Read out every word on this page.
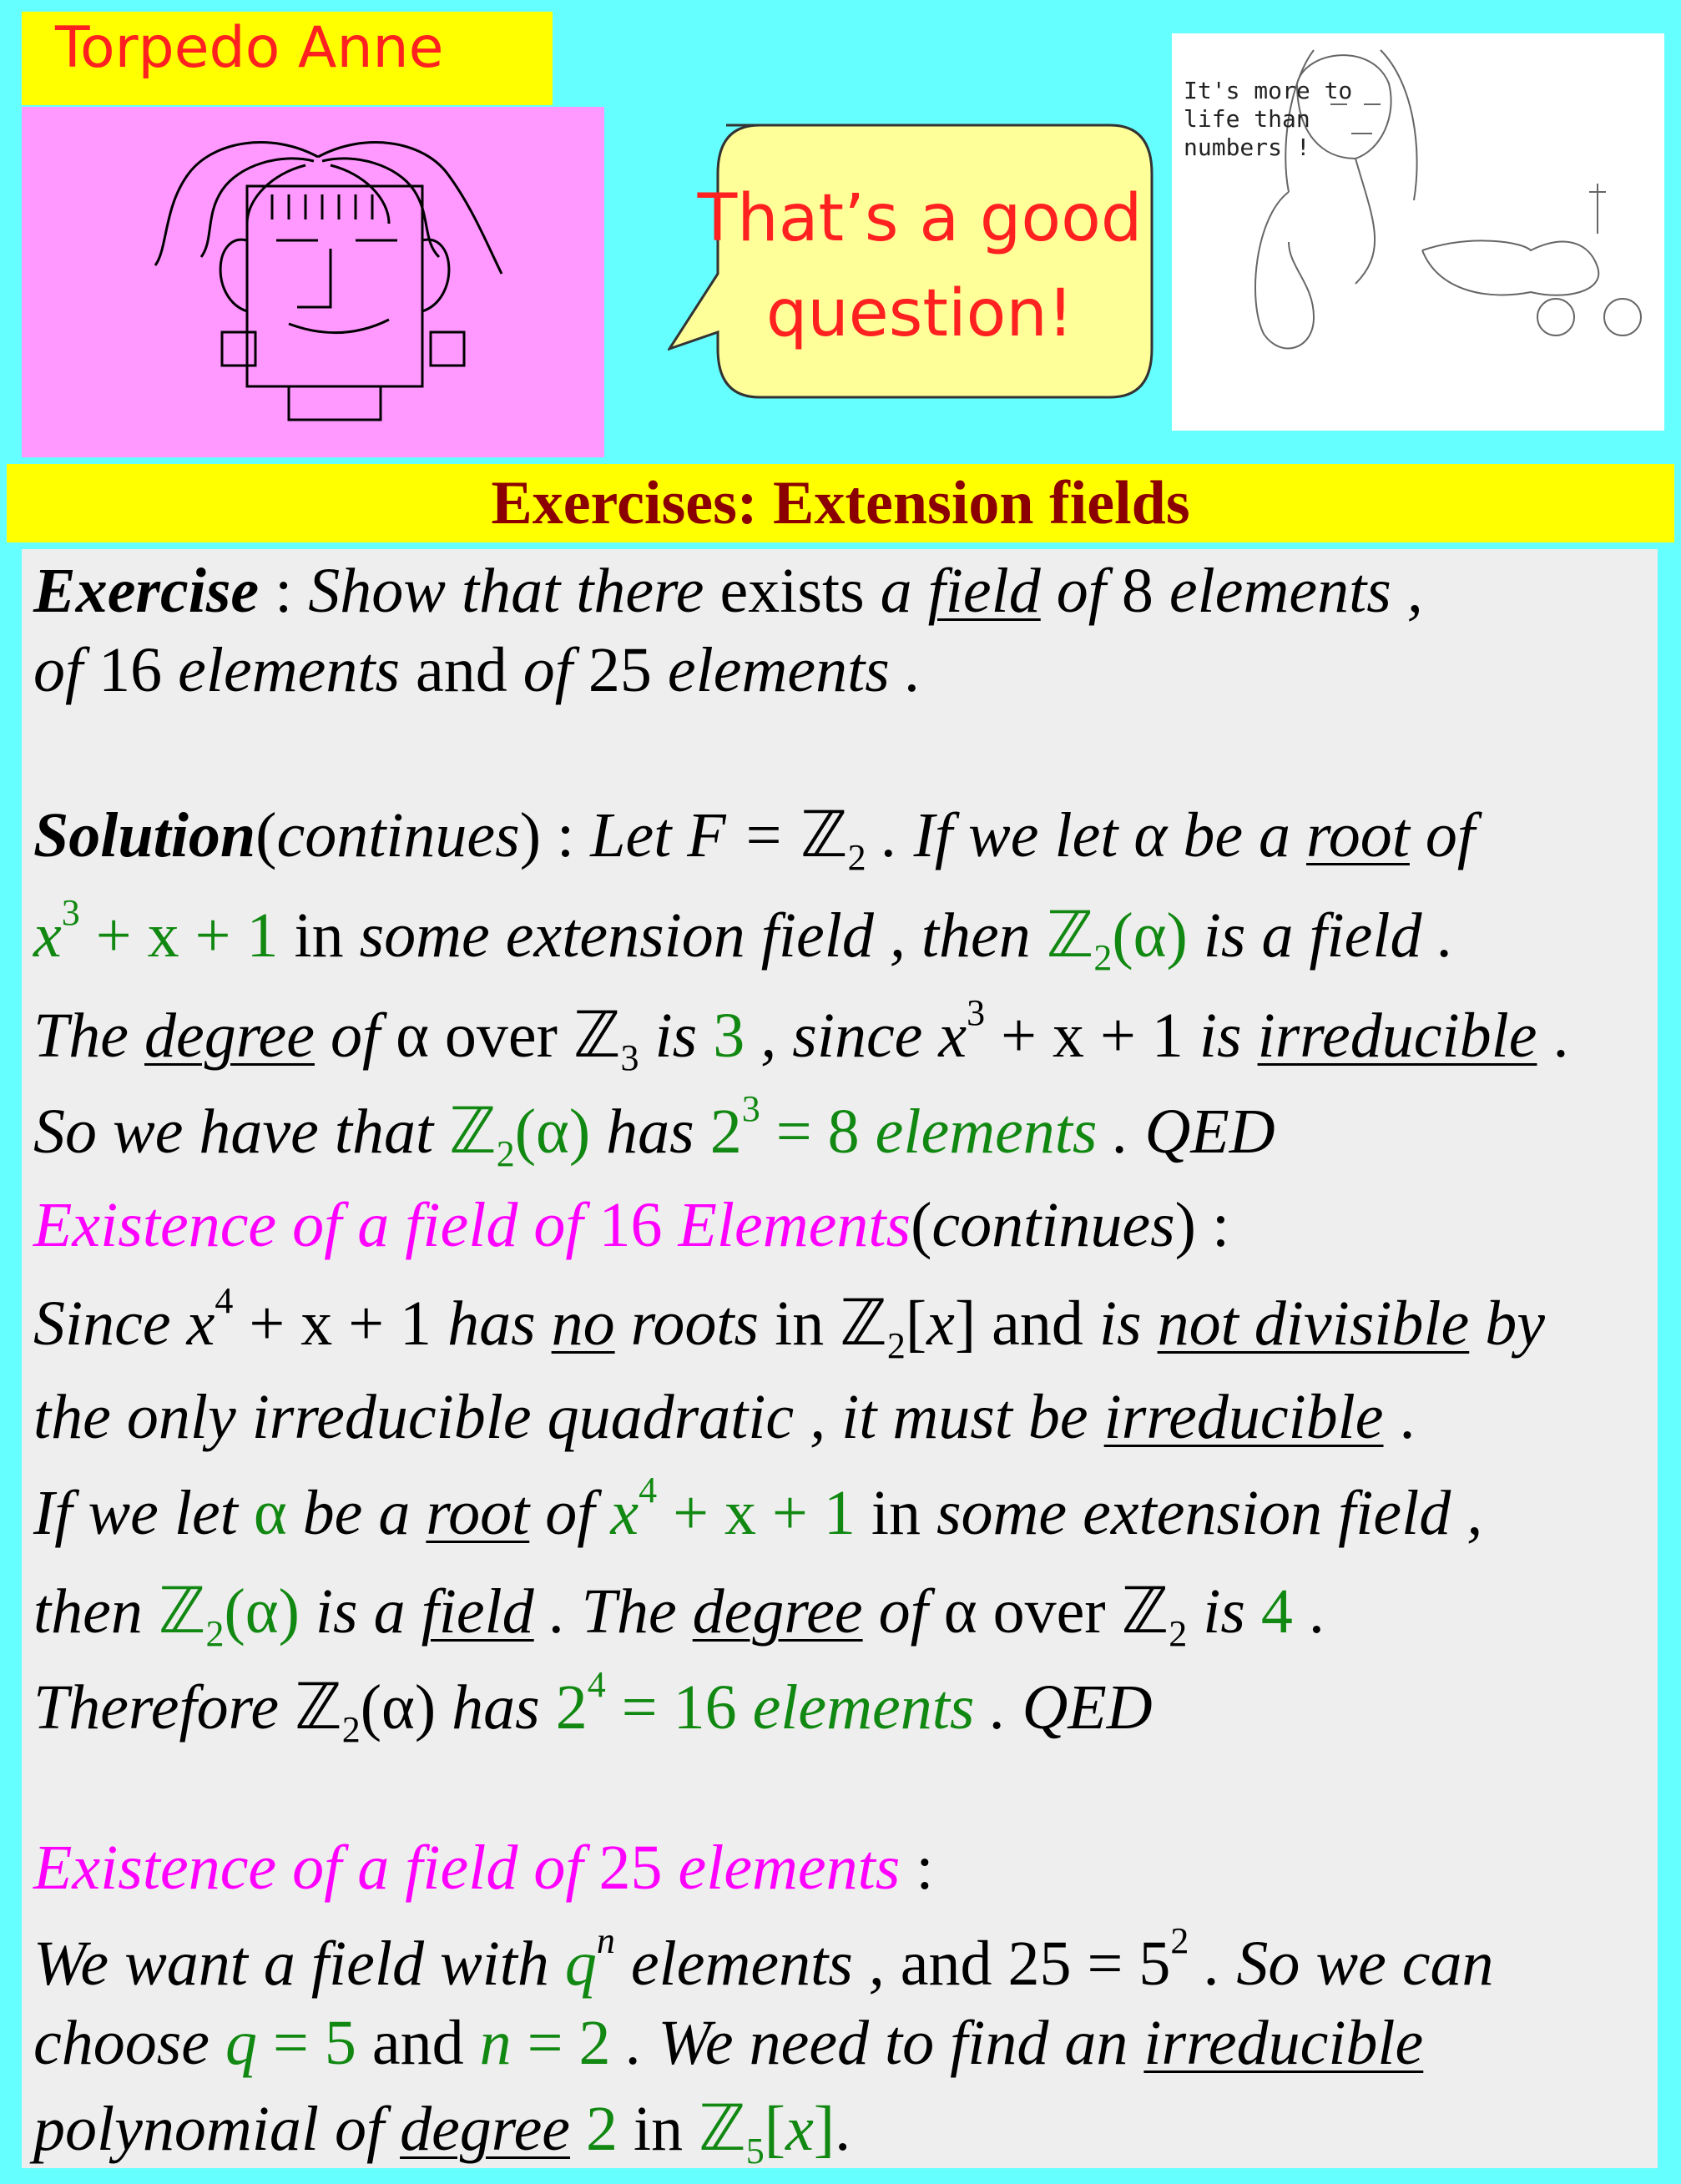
Torpedo Anne
That’s a good
question!
It's more to
life than
numbers !
Exercises: Extension fields
Exercise : Show that there exists a field of 8 elements ,
of 16 elements and of 25 elements .
Solution(continues) : Let F = ℤ$_2$ . If we let α be a root of
$x^3 + x + 1$ in some extension field , then ℤ$_2$(α) is a field .
The degree of α over ℤ$_3$ is 3 , since $x^3 + x + 1$ is irreducible .
So we have that ℤ$_2$(α) has $2^3 = 8$ elements . QED
Existence of a field of 16 Elements(continues) :
Since $x^4 + x + 1$ has no roots in ℤ$_2$[x] and is not divisible by
the only irreducible quadratic , it must be irreducible .
If we let α be a root of $x^4 + x + 1$ in some extension field ,
then ℤ$_2$(α) is a field . The degree of α over ℤ$_2$ is 4 .
Therefore ℤ$_2$(α) has $2^4 = 16$ elements . QED
Existence of a field of 25 elements :
We want a field with $q^n$ elements , and $25 = 5^2$ . So we can
choose q = 5 and n = 2 . We need to find an irreducible
polynomial of degree 2 in ℤ$_5$[x].
